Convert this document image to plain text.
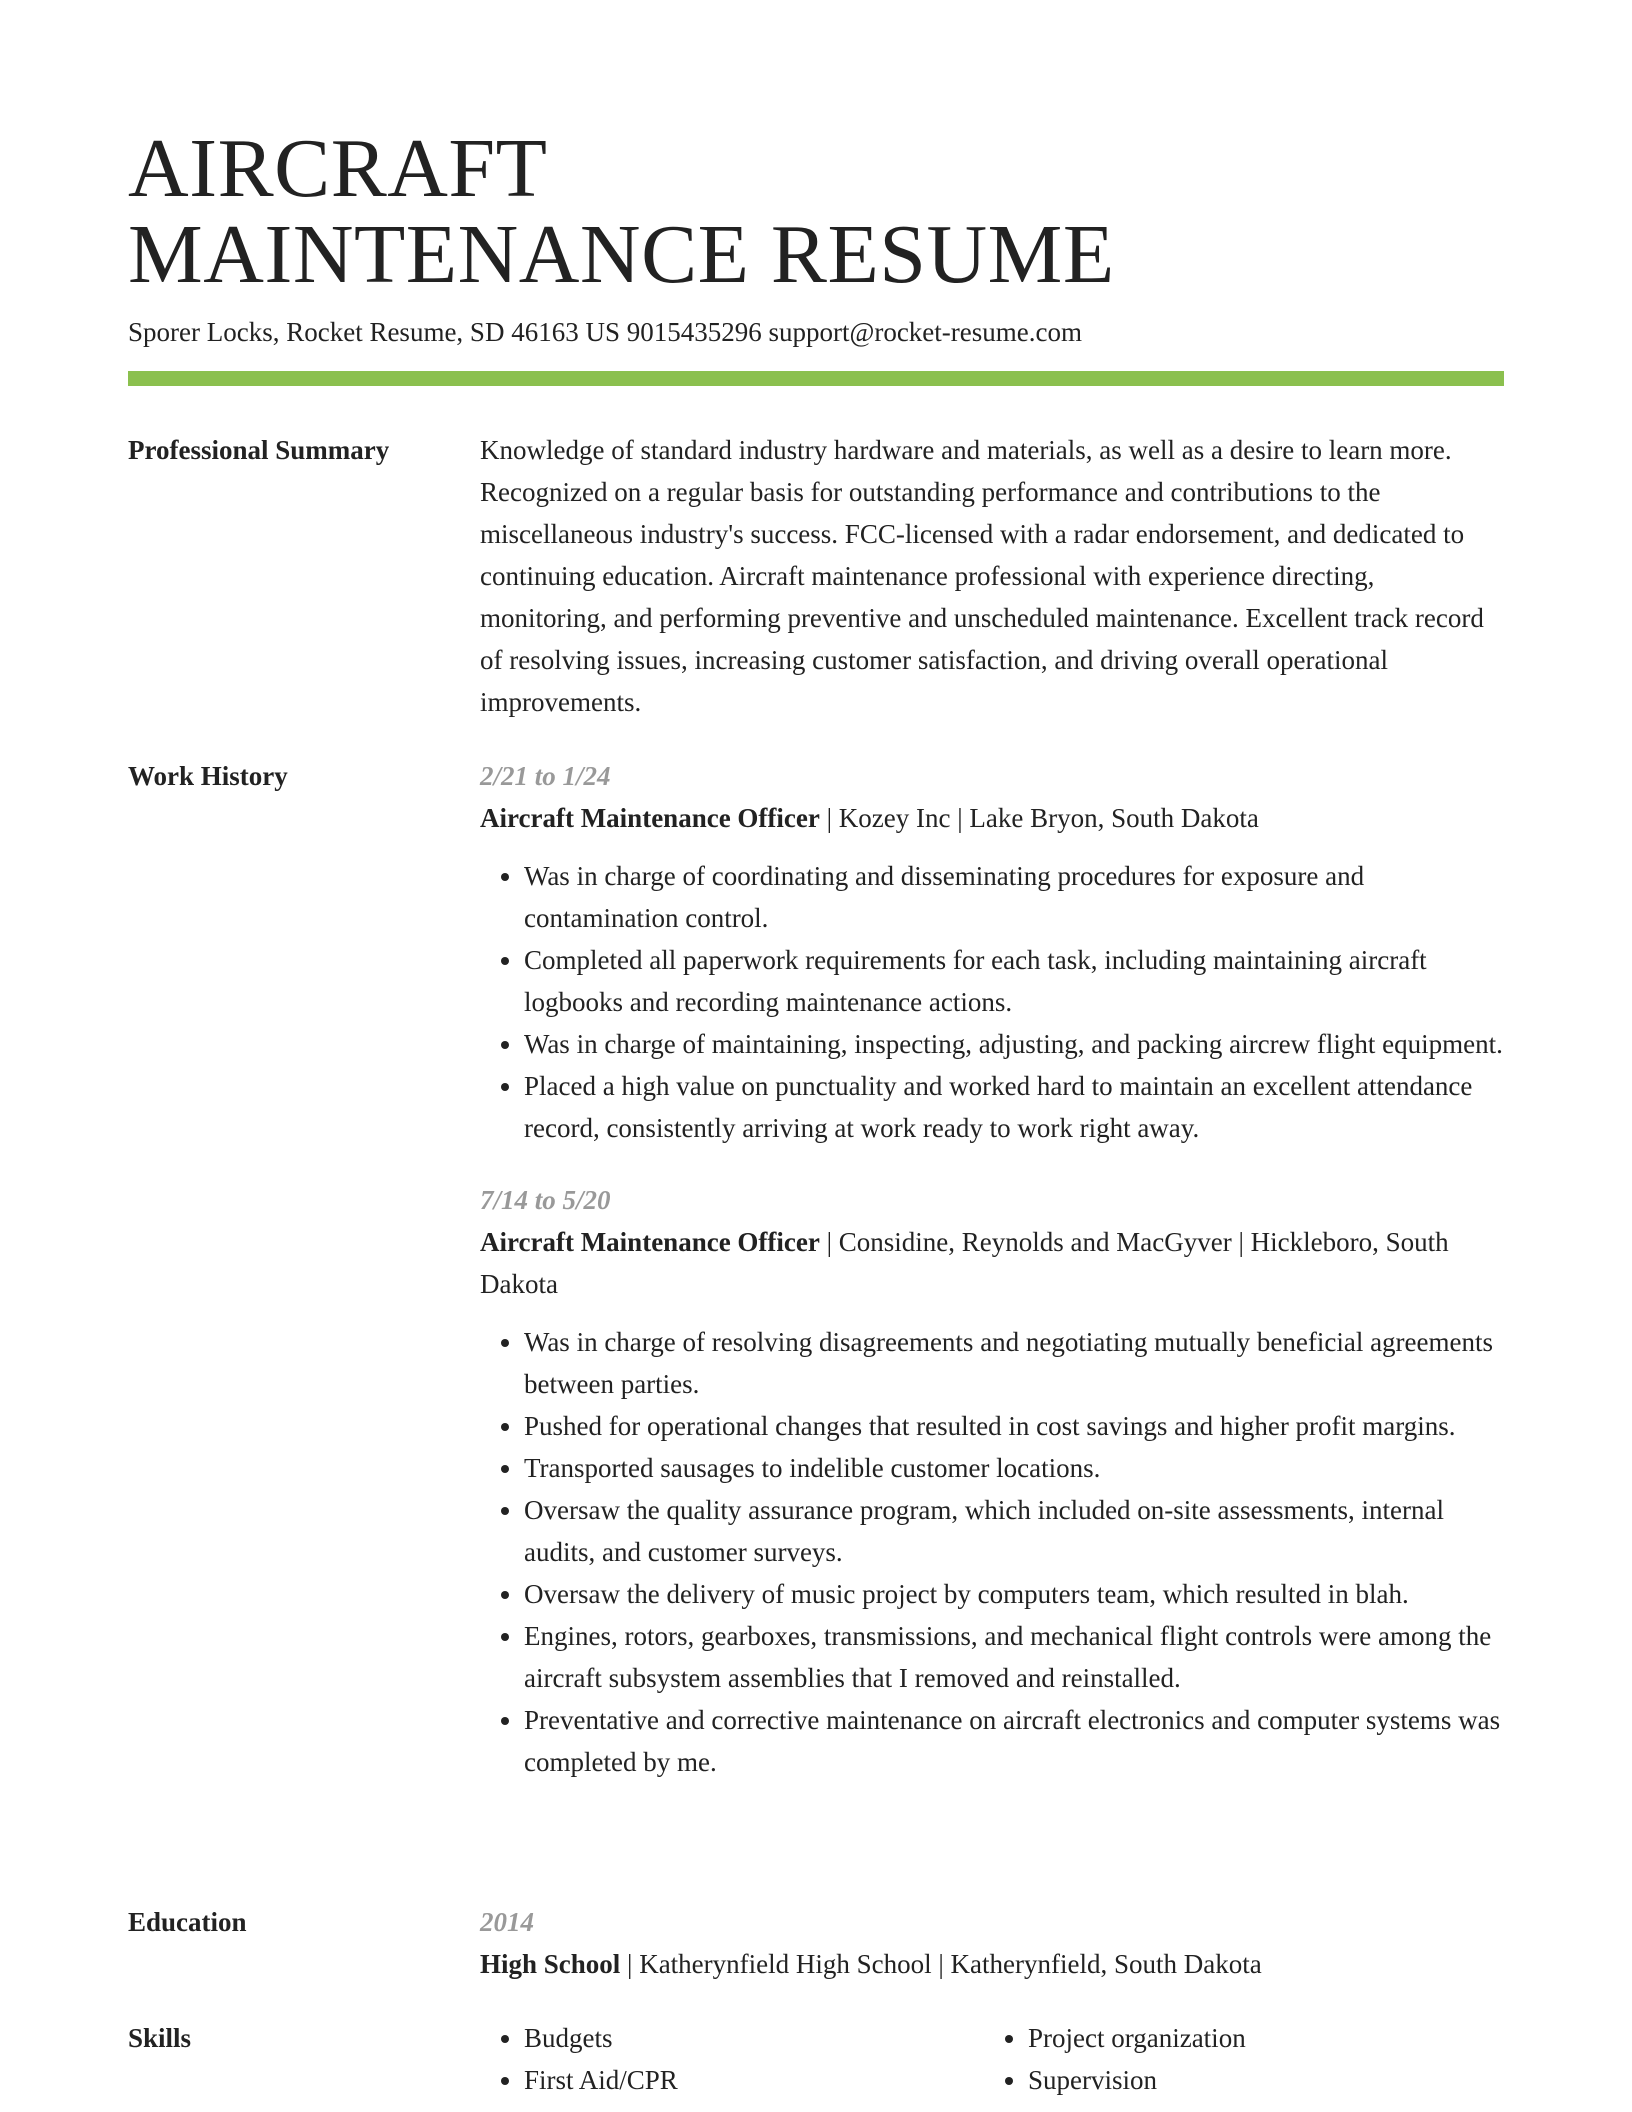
AIRCRAFT
MAINTENANCE RESUME
Sporer Locks, Rocket Resume, SD 46163 US 9015435296 support@rocket-resume.com
Professional Summary	Knowledge of standard industry hardware and materials, as well as a desire to learn more. Recognized on a regular basis for outstanding performance and contributions to the miscellaneous industry's success. FCC-licensed with a radar endorsement, and dedicated to continuing education. Aircraft maintenance professional with experience directing, monitoring, and performing preventive and unscheduled maintenance. Excellent track record of resolving issues, increasing customer satisfaction, and driving overall operational improvements.
Work History	2/21 to 1/24
Aircraft Maintenance Officer | Kozey Inc | Lake Bryon, South Dakota
• Was in charge of coordinating and disseminating procedures for exposure and contamination control.
• Completed all paperwork requirements for each task, including maintaining aircraft logbooks and recording maintenance actions.
• Was in charge of maintaining, inspecting, adjusting, and packing aircrew flight equipment.
• Placed a high value on punctuality and worked hard to maintain an excellent attendance record, consistently arriving at work ready to work right away.
7/14 to 5/20
Aircraft Maintenance Officer | Considine, Reynolds and MacGyver | Hickleboro, South Dakota
• Was in charge of resolving disagreements and negotiating mutually beneficial agreements between parties.
• Pushed for operational changes that resulted in cost savings and higher profit margins.
• Transported sausages to indelible customer locations.
• Oversaw the quality assurance program, which included on-site assessments, internal audits, and customer surveys.
• Oversaw the delivery of music project by computers team, which resulted in blah.
• Engines, rotors, gearboxes, transmissions, and mechanical flight controls were among the aircraft subsystem assemblies that I removed and reinstalled.
• Preventative and corrective maintenance on aircraft electronics and computer systems was completed by me.
Education	2014
High School | Katherynfield High School | Katherynfield, South Dakota
Skills
•	Budgets
• First Aid/CPR
• Project organization
• Supervision
